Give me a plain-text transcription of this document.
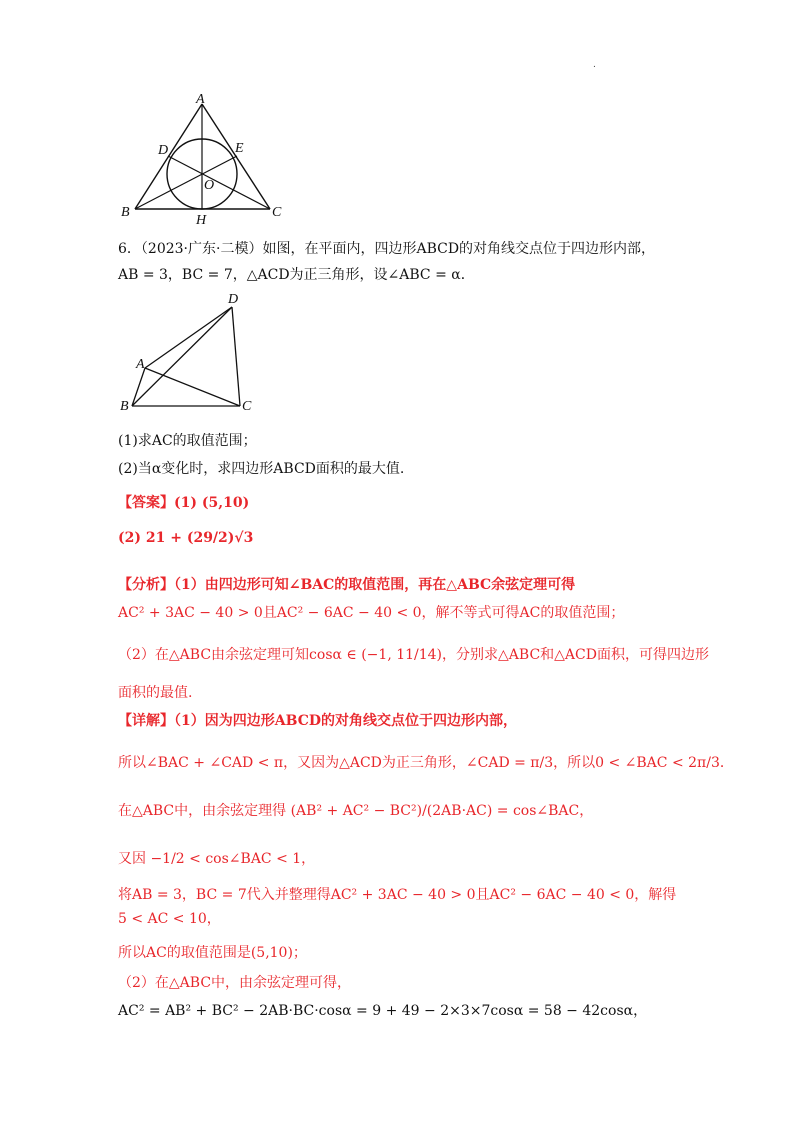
.
A
D	E
O
B
H
C
6．（2023·广东·二模）如图，在平面内，四边形ABCD的对角线交点位于四边形内部，
AB = 3，BC = 7，△ACD为正三角形，设∠ABC = α．
D
A
B	C
(1)求AC的取值范围；
(2)当α变化时，求四边形ABCD面积的最大值.
【答案】(1) (5,10)
(2) 21 + (29/2)√3
【分析】（1）由四边形可知∠BAC的取值范围，再在△ABC余弦定理可得
AC² + 3AC − 40 > 0且AC² − 6AC − 40 < 0，解不等式可得AC的取值范围；
（2）在△ABC由余弦定理可知cosα ∈ (−1, 11/14)，分别求△ABC和△ACD面积，可得四边形
面积的最值.
【详解】（1）因为四边形ABCD的对角线交点位于四边形内部，
所以∠BAC + ∠CAD < π，又因为△ACD为正三角形，∠CAD = π/3，所以0 < ∠BAC < 2π/3．
在△ABC中，由余弦定理得 (AB² + AC² − BC²)/(2AB·AC) = cos∠BAC，
又因 −1/2 < cos∠BAC < 1，
将AB = 3，BC = 7代入并整理得AC² + 3AC − 40 > 0且AC² − 6AC − 40 < 0，解得
5 < AC < 10，
所以AC的取值范围是(5,10)；
（2）在△ABC中，由余弦定理可得，
AC² = AB² + BC² − 2AB·BC·cosα = 9 + 49 − 2×3×7cosα = 58 − 42cosα，
